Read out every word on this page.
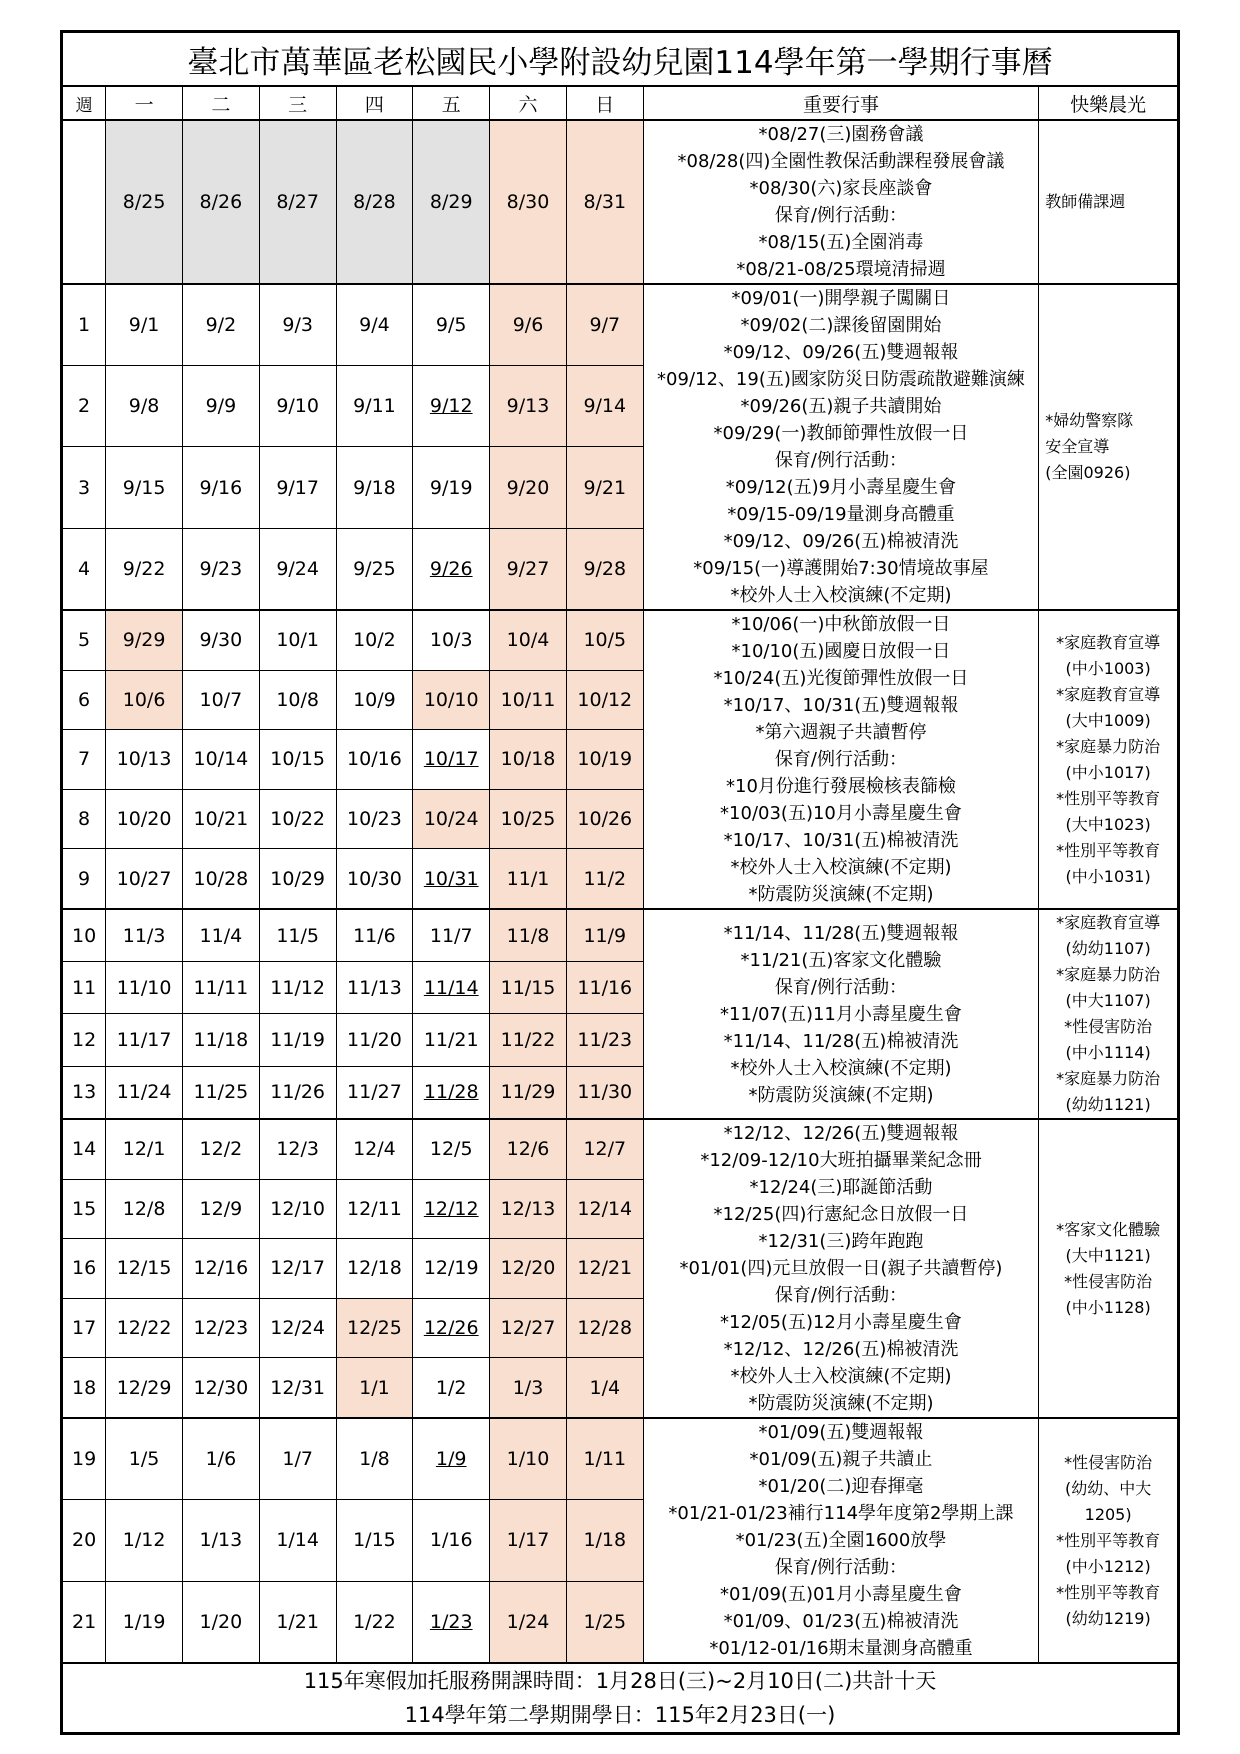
臺北市萬華區老松國民小學附設幼兒園114學年第一學期行事曆									
週	一	二	三	四	五	六	日	重要行事	快樂晨光
	8/25	8/26	8/27	8/28	8/29	8/30	8/31	
*08/27(三)園務會議
*08/28(四)全園性教保活動課程發展會議
*08/30(六)家長座談會
保育/例行活動：
*08/15(五)全園消毒
*08/21-08/25環境清掃週

教師備課週

1	9/1	9/2	9/3	9/4	9/5	9/6	9/7	
*09/01(一)開學親子闖關日
*09/02(二)課後留園開始
*09/12、09/26(五)雙週報報
*09/12、19(五)國家防災日防震疏散避難演練
*09/26(五)親子共讀開始
*09/29(一)教師節彈性放假一日
保育/例行活動：
*09/12(五)9月小壽星慶生會
*09/15-09/19量測身高體重
*09/12、09/26(五)棉被清洗
*09/15(一)導護開始7:30情境故事屋
*校外人士入校演練(不定期)

*婦幼警察隊
安全宣導
(全園0926)

2	9/8	9/9	9/10	9/11	9/12	9/13	9/14		
3	9/15	9/16	9/17	9/18	9/19	9/20	9/21		
4	9/22	9/23	9/24	9/25	9/26	9/27	9/28		
5	9/29	9/30	10/1	10/2	10/3	10/4	10/5	
*10/06(一)中秋節放假一日
*10/10(五)國慶日放假一日
*10/24(五)光復節彈性放假一日
*10/17、10/31(五)雙週報報
*第六週親子共讀暫停
保育/例行活動：
*10月份進行發展檢核表篩檢
*10/03(五)10月小壽星慶生會
*10/17、10/31(五)棉被清洗
*校外人士入校演練(不定期)
*防震防災演練(不定期)

*家庭教育宣導
(中小1003)
*家庭教育宣導
(大中1009)
*家庭暴力防治
(中小1017)
*性別平等教育
(大中1023)
*性別平等教育
(中小1031)

6	10/6	10/7	10/8	10/9	10/10	10/11	10/12		
7	10/13	10/14	10/15	10/16	10/17	10/18	10/19		
8	10/20	10/21	10/22	10/23	10/24	10/25	10/26		
9	10/27	10/28	10/29	10/30	10/31	11/1	11/2		
10	11/3	11/4	11/5	11/6	11/7	11/8	11/9	*11/14、11/28(五)雙週報報
*11/21(五)客家文化體驗
保育/例行活動：
*11/07(五)11月小壽星慶生會
*11/14、11/28(五)棉被清洗
*校外人士入校演練(不定期)
*防震防災演練(不定期)

*家庭教育宣導
(幼幼1107)
*家庭暴力防治
(中大1107)
*性侵害防治
(中小1114)
*家庭暴力防治
(幼幼1121)

11	11/10	11/11	11/12	11/13	11/14	11/15	11/16		
12	11/17	11/18	11/19	11/20	11/21	11/22	11/23		
13	11/24	11/25	11/26	11/27	11/28	11/29	11/30		
14	12/1	12/2	12/3	12/4	12/5	12/6	12/7	
*12/12、12/26(五)雙週報報
*12/09-12/10大班拍攝畢業紀念冊
*12/24(三)耶誕節活動
*12/25(四)行憲紀念日放假一日
*12/31(三)跨年跑跑
*01/01(四)元旦放假一日(親子共讀暫停)
保育/例行活動：
*12/05(五)12月小壽星慶生會
*12/12、12/26(五)棉被清洗
*校外人士入校演練(不定期)
*防震防災演練(不定期)

*客家文化體驗
(大中1121)
*性侵害防治
(中小1128)

15	12/8	12/9	12/10	12/11	12/12	12/13	12/14		
16	12/15	12/16	12/17	12/18	12/19	12/20	12/21		
17	12/22	12/23	12/24	12/25	12/26	12/27	12/28		
18	12/29	12/30	12/31	1/1	1/2	1/3	1/4		
19	1/5	1/6	1/7	1/8	1/9	1/10	1/11	
*01/09(五)雙週報報
*01/09(五)親子共讀止
*01/20(二)迎春揮毫
*01/21-01/23補行114學年度第2學期上課
*01/23(五)全園1600放學
保育/例行活動：
*01/09(五)01月小壽星慶生會
*01/09、01/23(五)棉被清洗
*01/12-01/16期末量測身高體重

*性侵害防治
(幼幼、中大
1205)
*性別平等教育
(中小1212)
*性別平等教育
(幼幼1219)

20	1/12	1/13	1/14	1/15	1/16	1/17	1/18		
21	1/19	1/20	1/21	1/22	1/23	1/24	1/25		

115年寒假加托服務開課時間：1月28日(三)~2月10日(二)共計十天
114學年第二學期開學日：115年2月23日(一)									
